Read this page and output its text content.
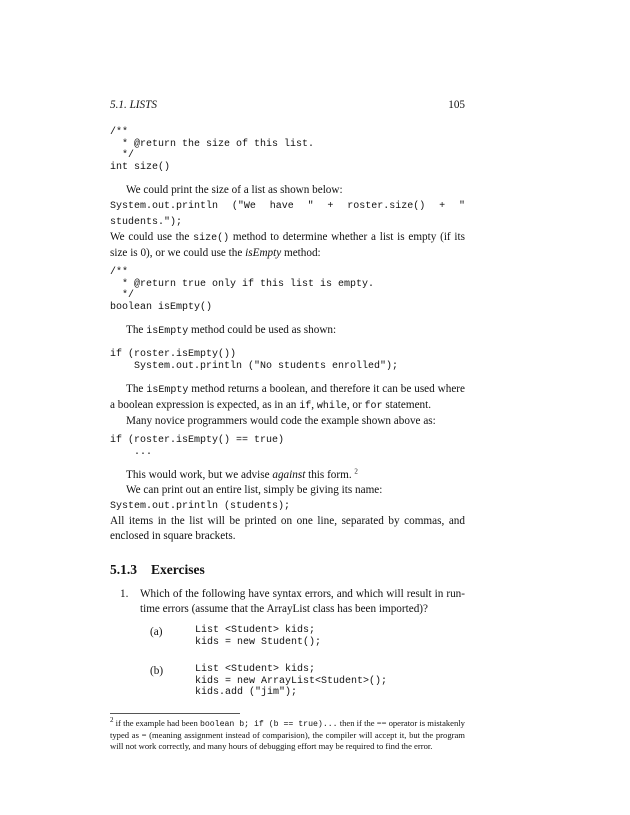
5.1. LISTS	105
/**
* @return the size of this list.
*/
int size()

We could print the size of a list as shown below:
System.out.println ("We have " + roster.size() + " students.");

We could use the size() method to determine whether a list is empty (if its size is 0), or we could use the isEmpty method:

/**
* @return true only if this list is empty.
*/
boolean isEmpty()

The isEmpty method could be used as shown:

if (roster.isEmpty())
System.out.println ("No students enrolled");

The isEmpty method returns a boolean, and therefore it can be used where a boolean expression is expected, as in an if, while, or for statement.

Many novice programmers would code the example shown above as:

if (roster.isEmpty() == true)
...

This would work, but we advise against this form. $^2$

We can print out an entire list, simply be giving its name:
System.out.println (students);

All items in the list will be printed on one line, separated by commas, and enclosed in square brackets.

5.1.3 Exercises
1.	Which of the following have syntax errors, and which will result in run-time errors (assume that the ArrayList class has been imported)?
(a)	List <Student> kids;
kids = new Student();
(b)	List <Student> kids;
kids = new ArrayList<Student>();
kids.add ("jim");
$^2$ if the example had been boolean b; if (b == true)... then if the == operator is mistakenly typed as = (meaning assignment instead of comparision), the compiler will accept it, but the program will not work correctly, and many hours of debugging effort may be required to find the error.
